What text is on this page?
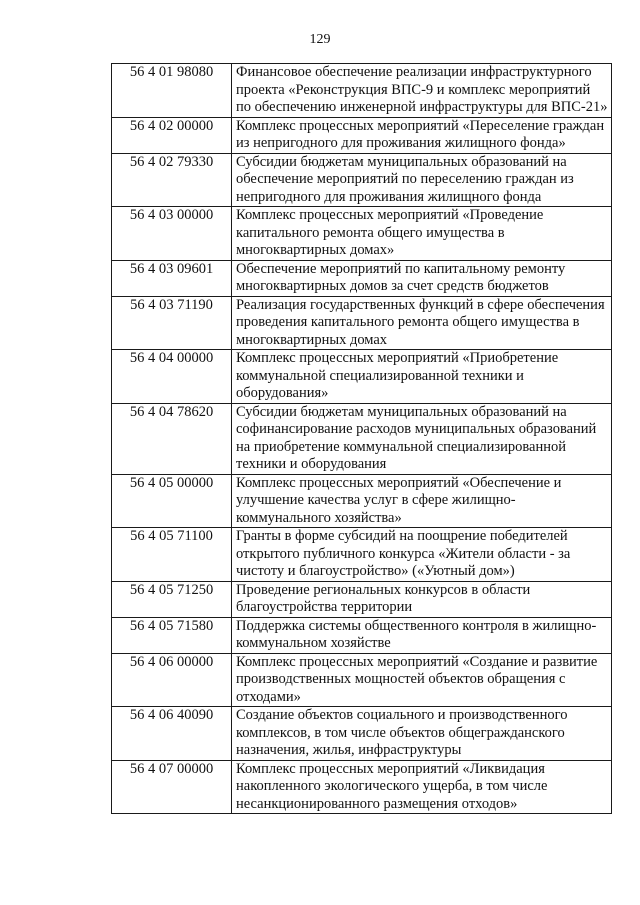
129
56 4 01 98080	Финансовое обеспечение реализации инфраструктурного проекта «Реконструкция ВПС-9 и комплекс мероприятий по обеспечению инженерной инфраструктуры для ВПС-21»
56 4 02 00000	Комплекс процессных мероприятий «Переселение граждан из непригодного для проживания жилищного фонда»
56 4 02 79330	Субсидии бюджетам муниципальных образований на обеспечение мероприятий по переселению граждан из непригодного для проживания жилищного фонда
56 4 03 00000	Комплекс процессных мероприятий «Проведение капитального ремонта общего имущества в многоквартирных домах»
56 4 03 09601	Обеспечение мероприятий по капитальному ремонту многоквартирных домов за счет средств бюджетов
56 4 03 71190	Реализация государственных функций в сфере обеспечения проведения капитального ремонта общего имущества в многоквартирных домах
56 4 04 00000	Комплекс процессных мероприятий «Приобретение коммунальной специализированной техники и оборудования»
56 4 04 78620	Субсидии бюджетам муниципальных образований на софинансирование расходов муниципальных образований на приобретение коммунальной специализированной техники и оборудования
56 4 05 00000	Комплекс процессных мероприятий «Обеспечение и улучшение качества услуг в сфере жилищно-коммунального хозяйства»
56 4 05 71100	Гранты в форме субсидий на поощрение победителей открытого публичного конкурса «Жители области - за чистоту и благоустройство» («Уютный дом»)
56 4 05 71250	Проведение региональных конкурсов в области благоустройства территории
56 4 05 71580	Поддержка системы общественного контроля в жилищно-коммунальном хозяйстве
56 4 06 00000	Комплекс процессных мероприятий «Создание и развитие производственных мощностей объектов обращения с отходами»
56 4 06 40090	Создание объектов социального и производственного комплексов, в том числе объектов общегражданского назначения, жилья, инфраструктуры
56 4 07 00000	Комплекс процессных мероприятий «Ликвидация накопленного экологического ущерба, в том числе несанкционированного размещения отходов»
